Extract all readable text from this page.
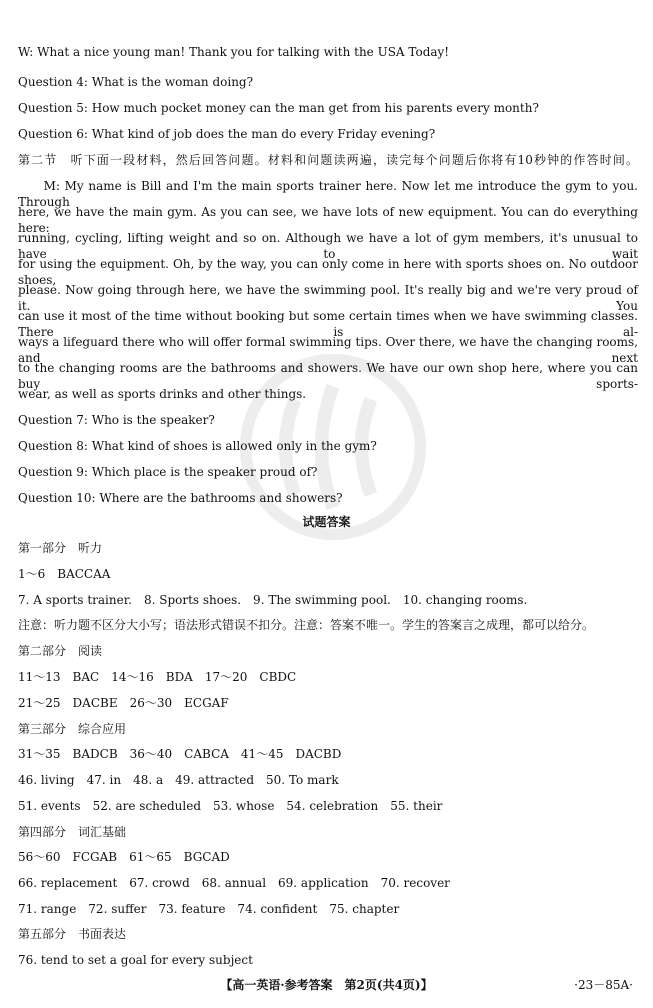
W: What a nice young man! Thank you for talking with the USA Today!
Question 4: What is the woman doing?
Question 5: How much pocket money can the man get from his parents every month?
Question 6: What kind of job does the man do every Friday evening?
第二节　听下面一段材料，然后回答问题。材料和问题读两遍，读完每个问题后你将有10秒钟的作答时间。
　　M: My name is Bill and I'm the main sports trainer here. Now let me introduce the gym to you. Through
here, we have the main gym. As you can see, we have lots of new equipment. You can do everything here:
running, cycling, lifting weight and so on. Although we have a lot of gym members, it's unusual to have to wait
for using the equipment. Oh, by the way, you can only come in here with sports shoes on. No outdoor shoes,
please. Now going through here, we have the swimming pool. It's really big and we're very proud of it. You
can use it most of the time without booking but some certain times when we have swimming classes. There is al-
ways a lifeguard there who will offer formal swimming tips. Over there, we have the changing rooms, and next
to the changing rooms are the bathrooms and showers. We have our own shop here, where you can buy sports-
wear, as well as sports drinks and other things.
Question 7: Who is the speaker?
Question 8: What kind of shoes is allowed only in the gym?
Question 9: Which place is the speaker proud of?
Question 10: Where are the bathrooms and showers?
试题答案
第一部分　听力
1～6　BACCAA
7. A sports trainer.　8. Sports shoes.　9. The swimming pool.　10. changing rooms.
注意：听力题不区分大小写；语法形式错误不扣分。注意：答案不唯一。学生的答案言之成理，都可以给分。
第二部分　阅读
11～13　BAC　14～16　BDA　17～20　CBDC
21～25　DACBE　26～30　ECGAF
第三部分　综合应用
31～35　BADCB　36～40　CABCA　41～45　DACBD
46. living　47. in　48. a　49. attracted　50. To mark
51. events　52. are scheduled　53. whose　54. celebration　55. their
第四部分　词汇基础
56～60　FCGAB　61～65　BGCAD
66. replacement　67. crowd　68. annual　69. application　70. recover
71. range　72. suffer　73. feature　74. confident　75. chapter
第五部分　书面表达
76. tend to set a goal for every subject
【高一英语·参考答案　第2页(共4页)】	·23－85A·
